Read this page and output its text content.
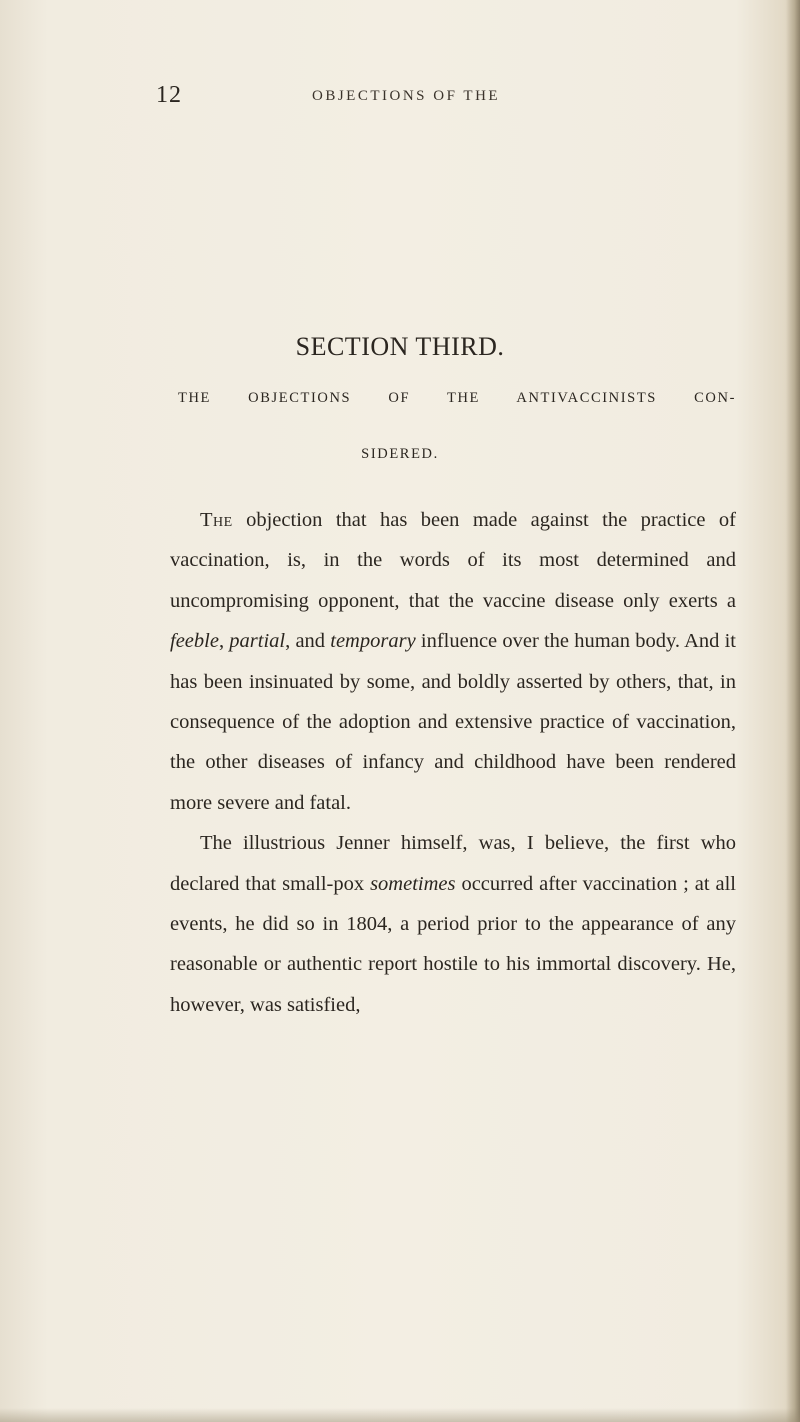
12	OBJECTIONS OF THE
SECTION THIRD.
THE OBJECTIONS OF THE ANTIVACCINISTS CON-
SIDERED.

The objection that has been made against the practice of vaccination, is, in the words of its most determined and uncompromising opponent, that the vaccine disease only exerts a feeble, partial, and temporary influence over the human body. And it has been insinuated by some, and boldly asserted by others, that, in consequence of the adoption and extensive practice of vaccination, the other diseases of infancy and childhood have been rendered more severe and fatal.

The illustrious Jenner himself, was, I believe, the first who declared that small-pox sometimes occurred after vaccination ; at all events, he did so in 1804, a period prior to the appearance of any reasonable or authentic report hostile to his immortal discovery. He, however, was satisfied,
